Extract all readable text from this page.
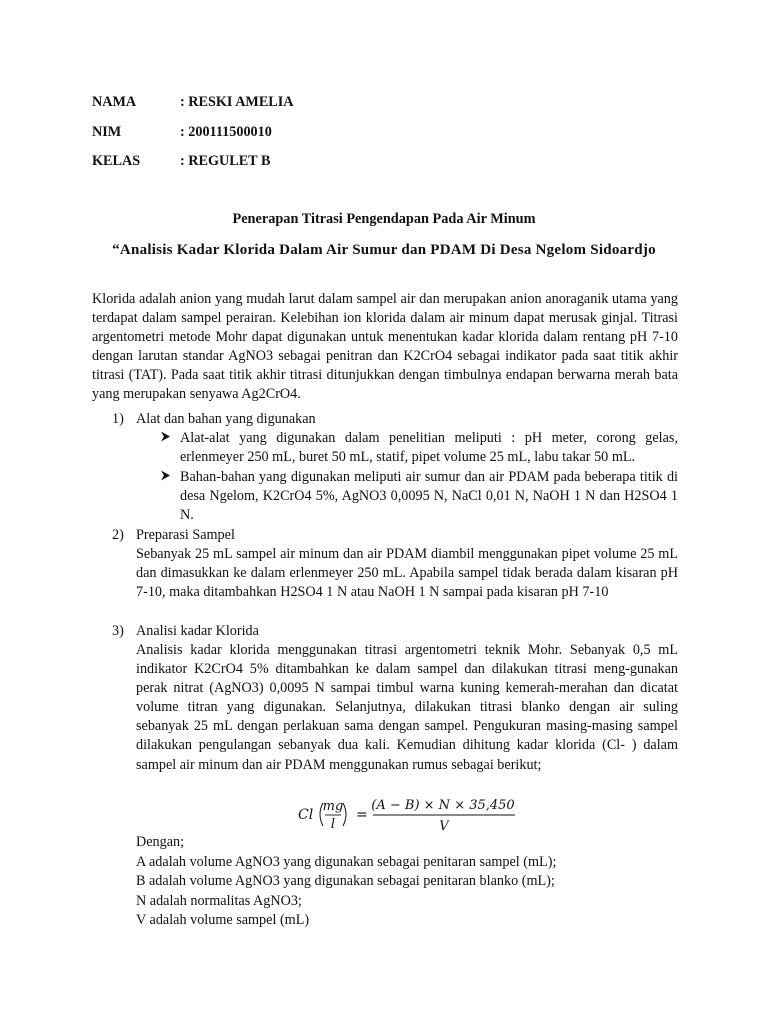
NAMA	: RESKI AMELIA
NIM	: 200111500010
KELAS	: REGULET B
Penerapan Titrasi Pengendapan Pada Air Minum
“Analisis Kadar Klorida Dalam Air Sumur dan PDAM Di Desa Ngelom Sidoardjo
Klorida adalah anion yang mudah larut dalam sampel air dan merupakan anion anoraganik utama yang terdapat dalam sampel perairan. Kelebihan ion klorida dalam air minum dapat merusak ginjal. Titrasi argentometri metode Mohr dapat digunakan untuk menentukan kadar klorida dalam rentang pH 7-10 dengan larutan standar AgNO3 sebagai penitran dan K2CrO4 sebagai indikator pada saat titik akhir titrasi (TAT). Pada saat titik akhir titrasi ditunjukkan dengan timbulnya endapan berwarna merah bata yang merupakan senyawa Ag2CrO4.
1) Alat dan bahan yang digunakan
Alat-alat yang digunakan dalam penelitian meliputi : pH meter, corong gelas, erlenmeyer 250 mL, buret 50 mL, statif, pipet volume 25 mL, labu takar 50 mL.
Bahan-bahan yang digunakan meliputi air sumur dan air PDAM pada beberapa titik di desa Ngelom, K2CrO4 5%, AgNO3 0,0095 N, NaCl 0,01 N, NaOH 1 N dan H2SO4 1 N.
2) Preparasi Sampel
Sebanyak 25 mL sampel air minum dan air PDAM diambil menggunakan pipet volume 25 mL dan dimasukkan ke dalam erlenmeyer 250 mL. Apabila sampel tidak berada dalam kisaran pH 7-10, maka ditambahkan H2SO4 1 N atau NaOH 1 N sampai pada kisaran pH 7-10
3) Analisi kadar Klorida
Analisis kadar klorida menggunakan titrasi argentometri teknik Mohr. Sebanyak 0,5 mL indikator K2CrO4 5% ditambahkan ke dalam sampel dan dilakukan titrasi meng-gunakan perak nitrat (AgNO3) 0,0095 N sampai timbul warna kuning kemerah-merahan dan dicatat volume titran yang digunakan. Selanjutnya, dilakukan titrasi blanko dengan air suling sebanyak 25 mL dengan perlakuan sama dengan sampel. Pengukuran masing-masing sampel dilakukan pengulangan sebanyak dua kali. Kemudian dihitung kadar klorida (Cl- ) dalam sampel air minum dan air PDAM menggunakan rumus sebagai berikut;
Cl
mg
l
=
(A − B) × N × 35,450
V
Dengan;
A adalah volume AgNO3 yang digunakan sebagai penitaran sampel (mL);
B adalah volume AgNO3 yang digunakan sebagai penitaran blanko (mL);
N adalah normalitas AgNO3;
V adalah volume sampel (mL)
